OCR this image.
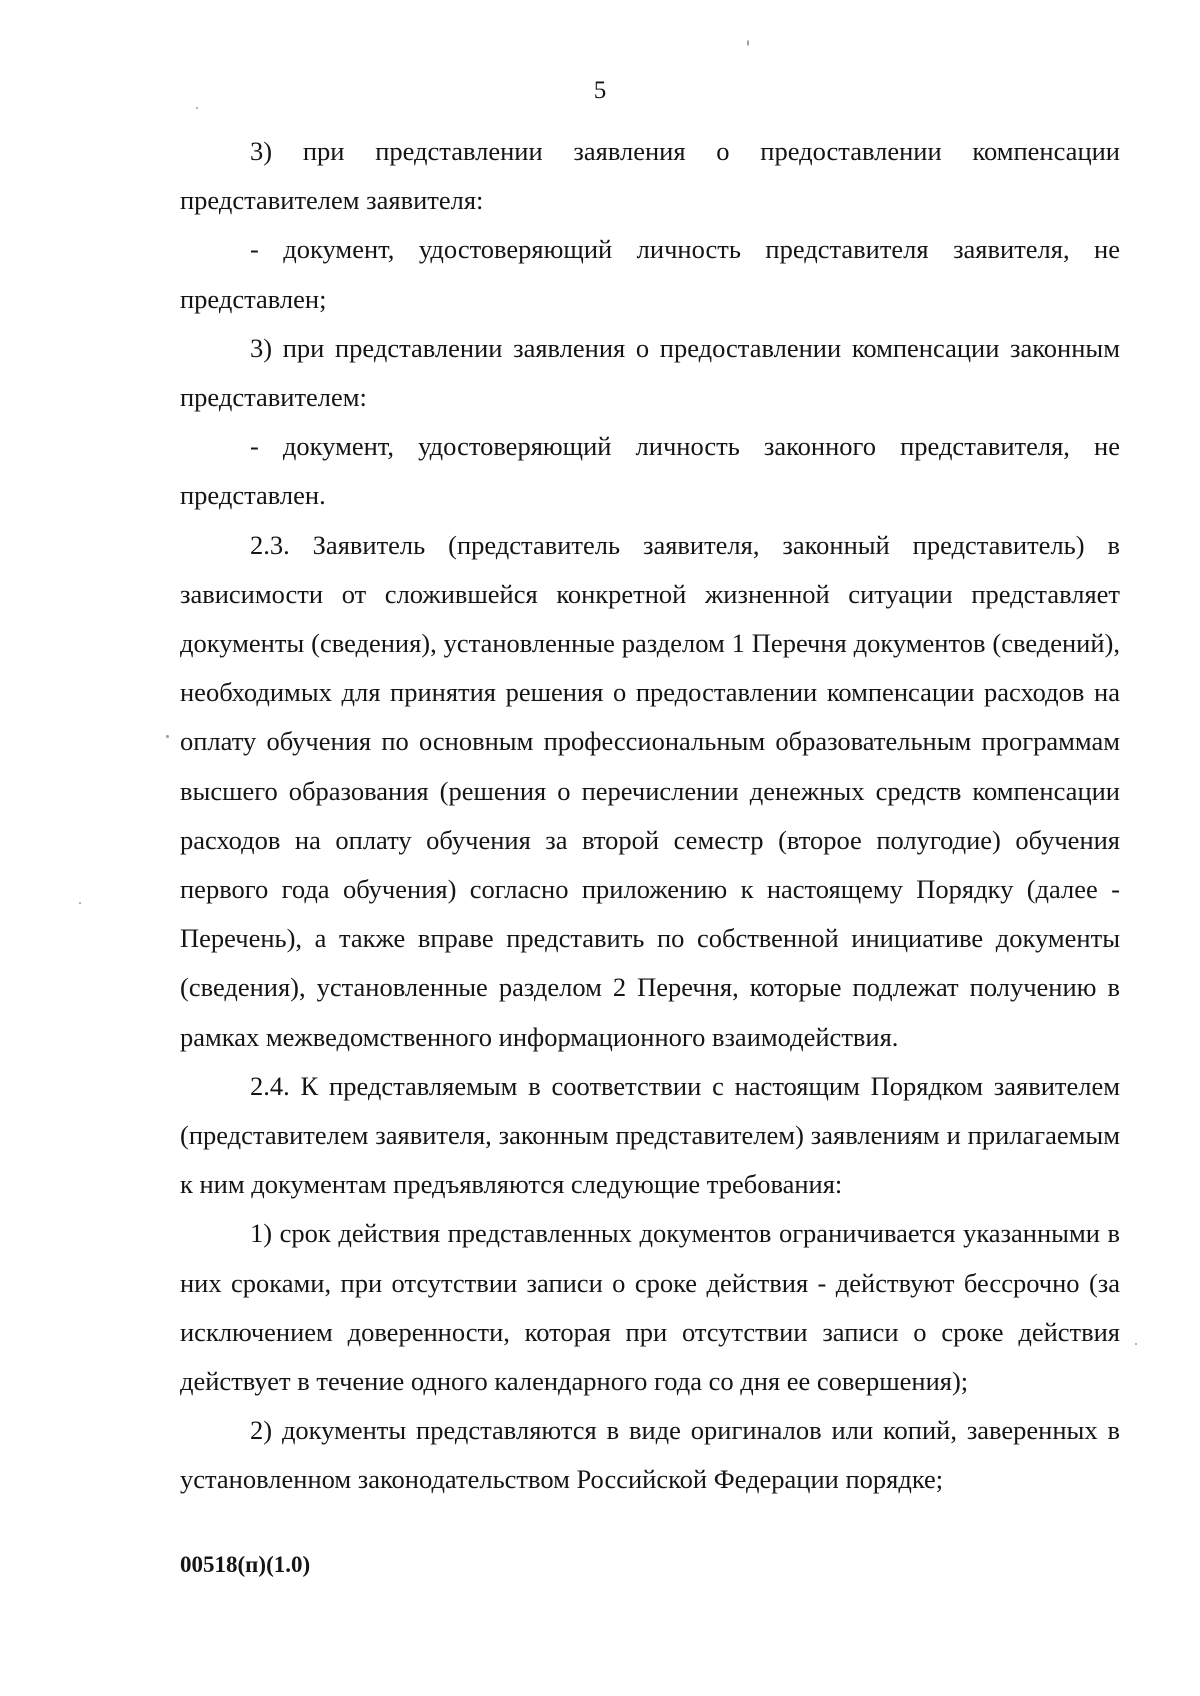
5

3) при представлении заявления о предоставлении компенсации представителем заявителя:

- документ, удостоверяющий личность представителя заявителя, не представлен;

3) при представлении заявления о предоставлении компенсации законным представителем:

- документ, удостоверяющий личность законного представителя, не представлен.

2.3. Заявитель (представитель заявителя, законный представитель) в зависимости от сложившейся конкретной жизненной ситуации представляет документы (сведения), установленные разделом 1 Перечня документов (сведений), необходимых для принятия решения о предоставлении компенсации расходов на оплату обучения по основным профессиональным образовательным программам высшего образования (решения о перечислении денежных средств компенсации расходов на оплату обучения за второй семестр (второе полугодие) обучения первого года обучения) согласно приложению к настоящему Порядку (далее - Перечень), а также вправе представить по собственной инициативе документы (сведения), установленные разделом 2 Перечня, которые подлежат получению в рамках межведомственного информационного взаимодействия.

2.4. К представляемым в соответствии с настоящим Порядком заявителем (представителем заявителя, законным представителем) заявлениям и прилагаемым к ним документам предъявляются следующие требования:

1) срок действия представленных документов ограничивается указанными в них сроками, при отсутствии записи о сроке действия - действуют бессрочно (за исключением доверенности, которая при отсутствии записи о сроке действия действует в течение одного календарного года со дня ее совершения);

2) документы представляются в виде оригиналов или копий, заверенных в установленном законодательством Российской Федерации порядке;

00518(п)(1.0)
